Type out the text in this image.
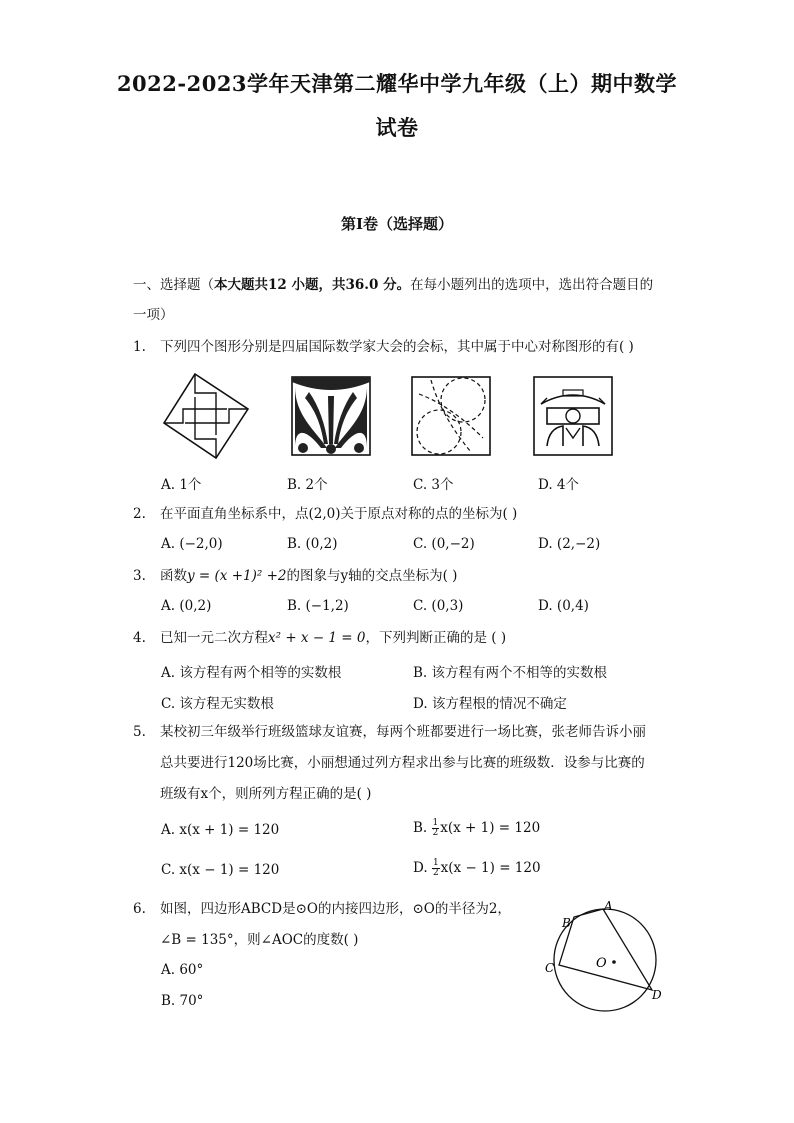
2022-2023学年天津第二耀华中学九年级（上）期中数学
试卷
第I卷（选择题）
一、选择题（本大题共12 小题，共36.0 分。在每小题列出的选项中，选出符合题目的一项）
1. 下列四个图形分别是四届国际数学家大会的会标，其中属于中心对称图形的有( )
A. 1个	B. 2个	C. 3个	D. 4个
2. 在平面直角坐标系中，点(2,0)关于原点对称的点的坐标为( )
A. (−2,0)	B. (0,2)	C. (0,−2)	D. (2,−2)
3. 函数y = (x +1)² +2的图象与y轴的交点坐标为( )
A. (0,2)	B. (−1,2)	C. (0,3)	D. (0,4)
4. 已知一元二次方程x² + x − 1 = 0，下列判断正确的是 ( )
A. 该方程有两个相等的实数根	B. 该方程有两个不相等的实数根
C. 该方程无实数根	D. 该方程根的情况不确定
5. 某校初三年级举行班级篮球友谊赛，每两个班都要进行一场比赛，张老师告诉小丽
总共要进行120场比赛，小丽想通过列方程求出参与比赛的班级数．设参与比赛的
班级有x个，则所列方程正确的是( )
A. x(x + 1) = 120	B. $\frac{1}{2} x(x + 1) = 120$
C. x(x − 1) = 120	D. $\frac{1}{2} x(x - 1) = 120$
6. 如图，四边形ABCD是⊙O的内接四边形，⊙O的半径为2，
∠B = 135°，则∠AOC的度数( )
A. 60°
B. 70°
A
B
C
D
O
